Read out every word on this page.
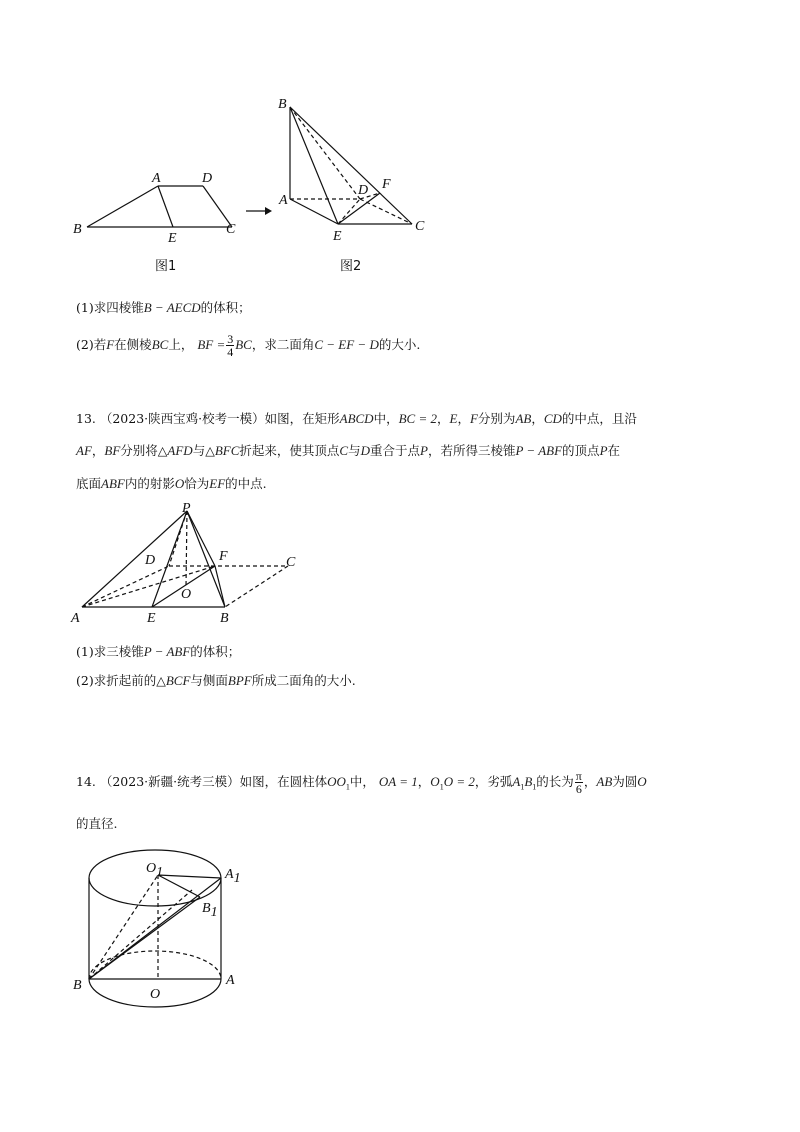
B
A	D
E
C
图1
B
A
D F
E
C
图2
(1)求四棱锥B − AECD的体积；
(2)若F在侧棱BC上， BF = $\frac{3}{4}$ BC，求二面角C − EF − D的大小.
13. （2023·陕西宝鸡·校考一模）如图，在矩形ABCD中，BC = 2，E，F分别为AB，CD的中点，且沿
AF，BF分别将△AFD与△BFC折起来，使其顶点C与D重合于点P，若所得三棱锥P − ABF的顶点P在
底面ABF内的射影O恰为EF的中点.
P
D	F	C
O
A	E	B
(1)求三棱锥P − ABF的体积；
(2)求折起前的△BCF与侧面BPF所成二面角的大小.
14. （2023·新疆·统考三模）如图，在圆柱体$OO_1$中， OA = 1，$O_1O = 2$，劣弧$A_1B_1$的长为 $\frac{\pi}{6}$ ，AB为圆O
的直径.
O1	A1
B1
B
O
A
